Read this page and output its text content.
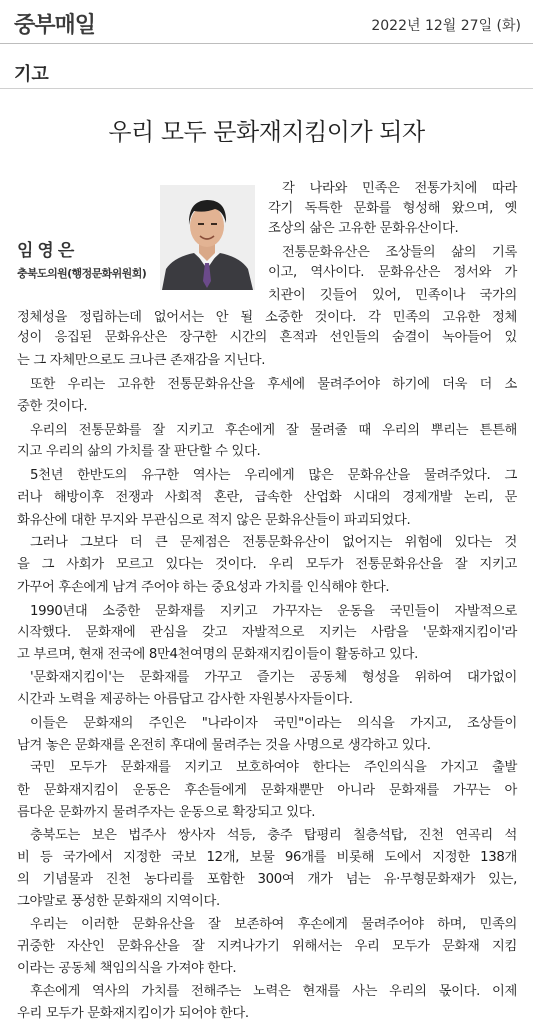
중부매일	2022년 12월 27일 (화)
기고
우리 모두 문화재지킴이가 되자
임영은
충북도의원(행정문화위원회)
각 나라와 민족은 전통가치에 따라
각기 독특한 문화를 형성해 왔으며, 옛
조상의 삶은 고유한 문화유산이다.
전통문화유산은 조상들의 삶의 기록
이고, 역사이다. 문화유산은 정서와 가
치관이 깃들어 있어, 민족이나 국가의
정체성을 정립하는데 없어서는 안 될 소중한 것이다. 각 민족의 고유한 정체
성이 응집된 문화유산은 장구한 시간의 흔적과 선인들의 숨결이 녹아들어 있
는 그 자체만으로도 크나큰 존재감을 지닌다.
또한 우리는 고유한 전통문화유산을 후세에 물려주어야 하기에 더욱 더 소
중한 것이다.
우리의 전통문화를 잘 지키고 후손에게 잘 물려줄 때 우리의 뿌리는 튼튼해
지고 우리의 삶의 가치를 잘 판단할 수 있다.
5천년 한반도의 유구한 역사는 우리에게 많은 문화유산을 물려주었다. 그
러나 해방이후 전쟁과 사회적 혼란, 급속한 산업화 시대의 경제개발 논리, 문
화유산에 대한 무지와 무관심으로 적지 않은 문화유산들이 파괴되었다.
그러나 그보다 더 큰 문제점은 전통문화유산이 없어지는 위험에 있다는 것
을 그 사회가 모르고 있다는 것이다. 우리 모두가 전통문화유산을 잘 지키고
가꾸어 후손에게 남겨 주어야 하는 중요성과 가치를 인식해야 한다.
1990년대 소중한 문화재를 지키고 가꾸자는 운동을 국민들이 자발적으로
시작했다. 문화재에 관심을 갖고 자발적으로 지키는 사람을 '문화재지킴이'라
고 부르며, 현재 전국에 8만4천여명의 문화재지킴이들이 활동하고 있다.
'문화재지킴이'는 문화재를 가꾸고 즐기는 공동체 형성을 위하여 대가없이
시간과 노력을 제공하는 아름답고 감사한 자원봉사자들이다.
이들은 문화재의 주인은 "나라이자 국민"이라는 의식을 가지고, 조상들이
남겨 놓은 문화재를 온전히 후대에 물려주는 것을 사명으로 생각하고 있다.
국민 모두가 문화재를 지키고 보호하여야 한다는 주인의식을 가지고 출발
한 문화재지킴이 운동은 후손들에게 문화재뿐만 아니라 문화재를 가꾸는 아
름다운 문화까지 물려주자는 운동으로 확장되고 있다.
충북도는 보은 법주사 쌍사자 석등, 충주 탑평리 칠층석탑, 진천 연곡리 석
비 등 국가에서 지정한 국보 12개, 보물 96개를 비롯해 도에서 지정한 138개
의 기념물과 진천 농다리를 포함한 300여 개가 넘는 유·무형문화재가 있는,
그야말로 풍성한 문화재의 지역이다.
우리는 이러한 문화유산을 잘 보존하여 후손에게 물려주어야 하며, 민족의
귀중한 자산인 문화유산을 잘 지켜나가기 위해서는 우리 모두가 문화재 지킴
이라는 공동체 책임의식을 가져야 한다.
후손에게 역사의 가치를 전해주는 노력은 현재를 사는 우리의 몫이다. 이제
우리 모두가 문화재지킴이가 되어야 한다.
